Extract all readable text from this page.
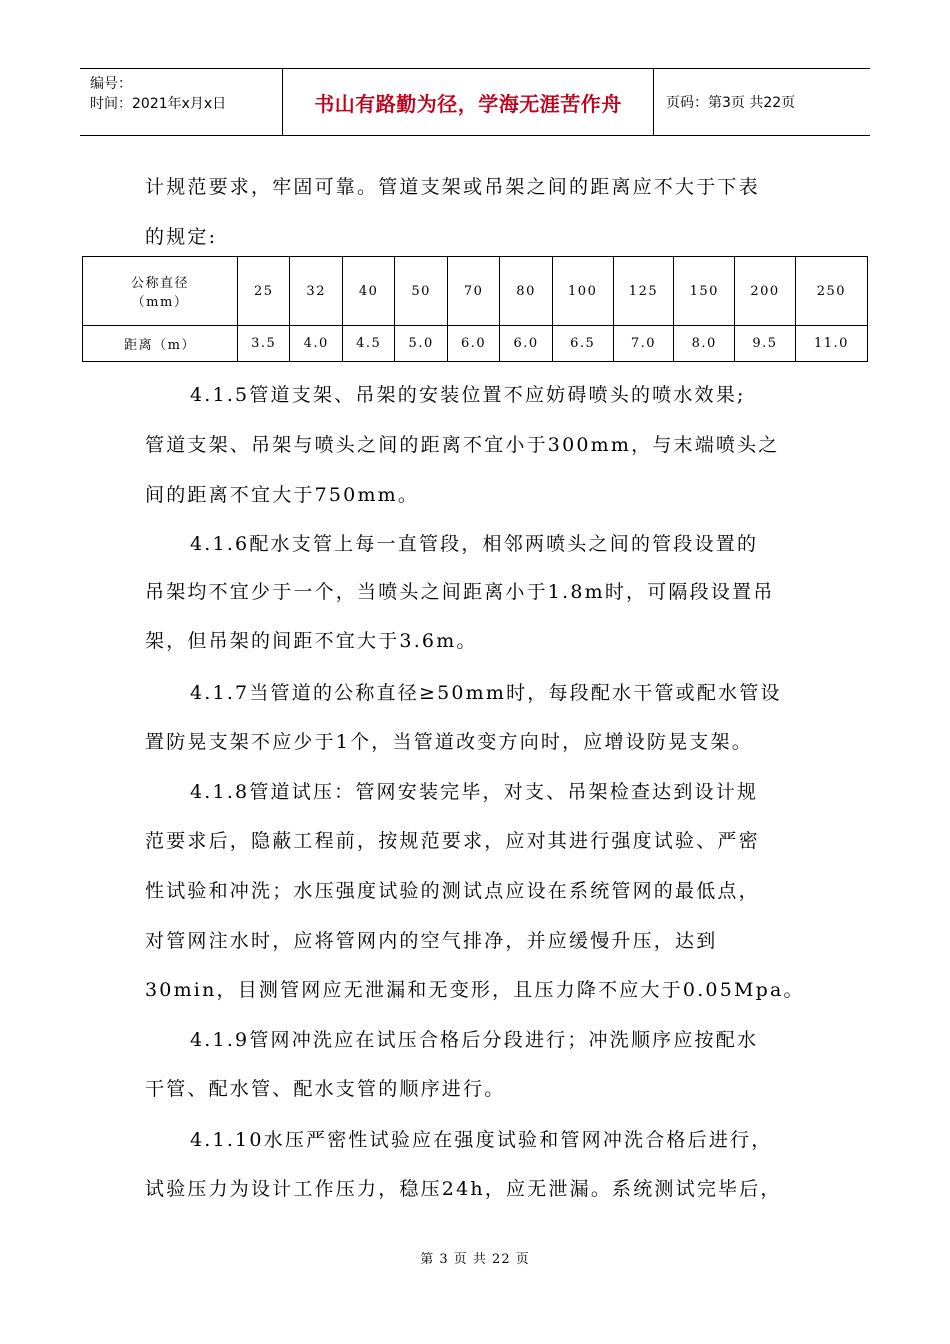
编号：
时间：2021年x月x日	书山有路勤为径，学海无涯苦作舟	页码：第3页 共22页
计规范要求，牢固可靠。管道支架或吊架之间的距离应不大于下表
的规定:
公称直径
（mm）	25	32	40	50	70	80	100	125	150	200	250
距离（m）	3.5	4.0	4.5	5.0	6.0	6.0	6.5	7.0	8.0	9.5	11.0
4.1.5管道支架、吊架的安装位置不应妨碍喷头的喷水效果;
管道支架、吊架与喷头之间的距离不宜小于300mm，与末端喷头之
间的距离不宜大于750mm。
4.1.6配水支管上每一直管段，相邻两喷头之间的管段设置的
吊架均不宜少于一个，当喷头之间距离小于1.8m时，可隔段设置吊
架，但吊架的间距不宜大于3.6m。
4.1.7当管道的公称直径≥50mm时，每段配水干管或配水管设
置防晃支架不应少于1个，当管道改变方向时，应增设防晃支架。
4.1.8管道试压：管网安装完毕，对支、吊架检查达到设计规
范要求后，隐蔽工程前，按规范要求，应对其进行强度试验、严密
性试验和冲洗；水压强度试验的测试点应设在系统管网的最低点，
对管网注水时，应将管网内的空气排净，并应缓慢升压，达到
30min，目测管网应无泄漏和无变形，且压力降不应大于0.05Mpa。
4.1.9管网冲洗应在试压合格后分段进行；冲洗顺序应按配水
干管、配水管、配水支管的顺序进行。
4.1.10水压严密性试验应在强度试验和管网冲洗合格后进行，
试验压力为设计工作压力，稳压24h，应无泄漏。系统测试完毕后，
第 3 页 共 22 页
